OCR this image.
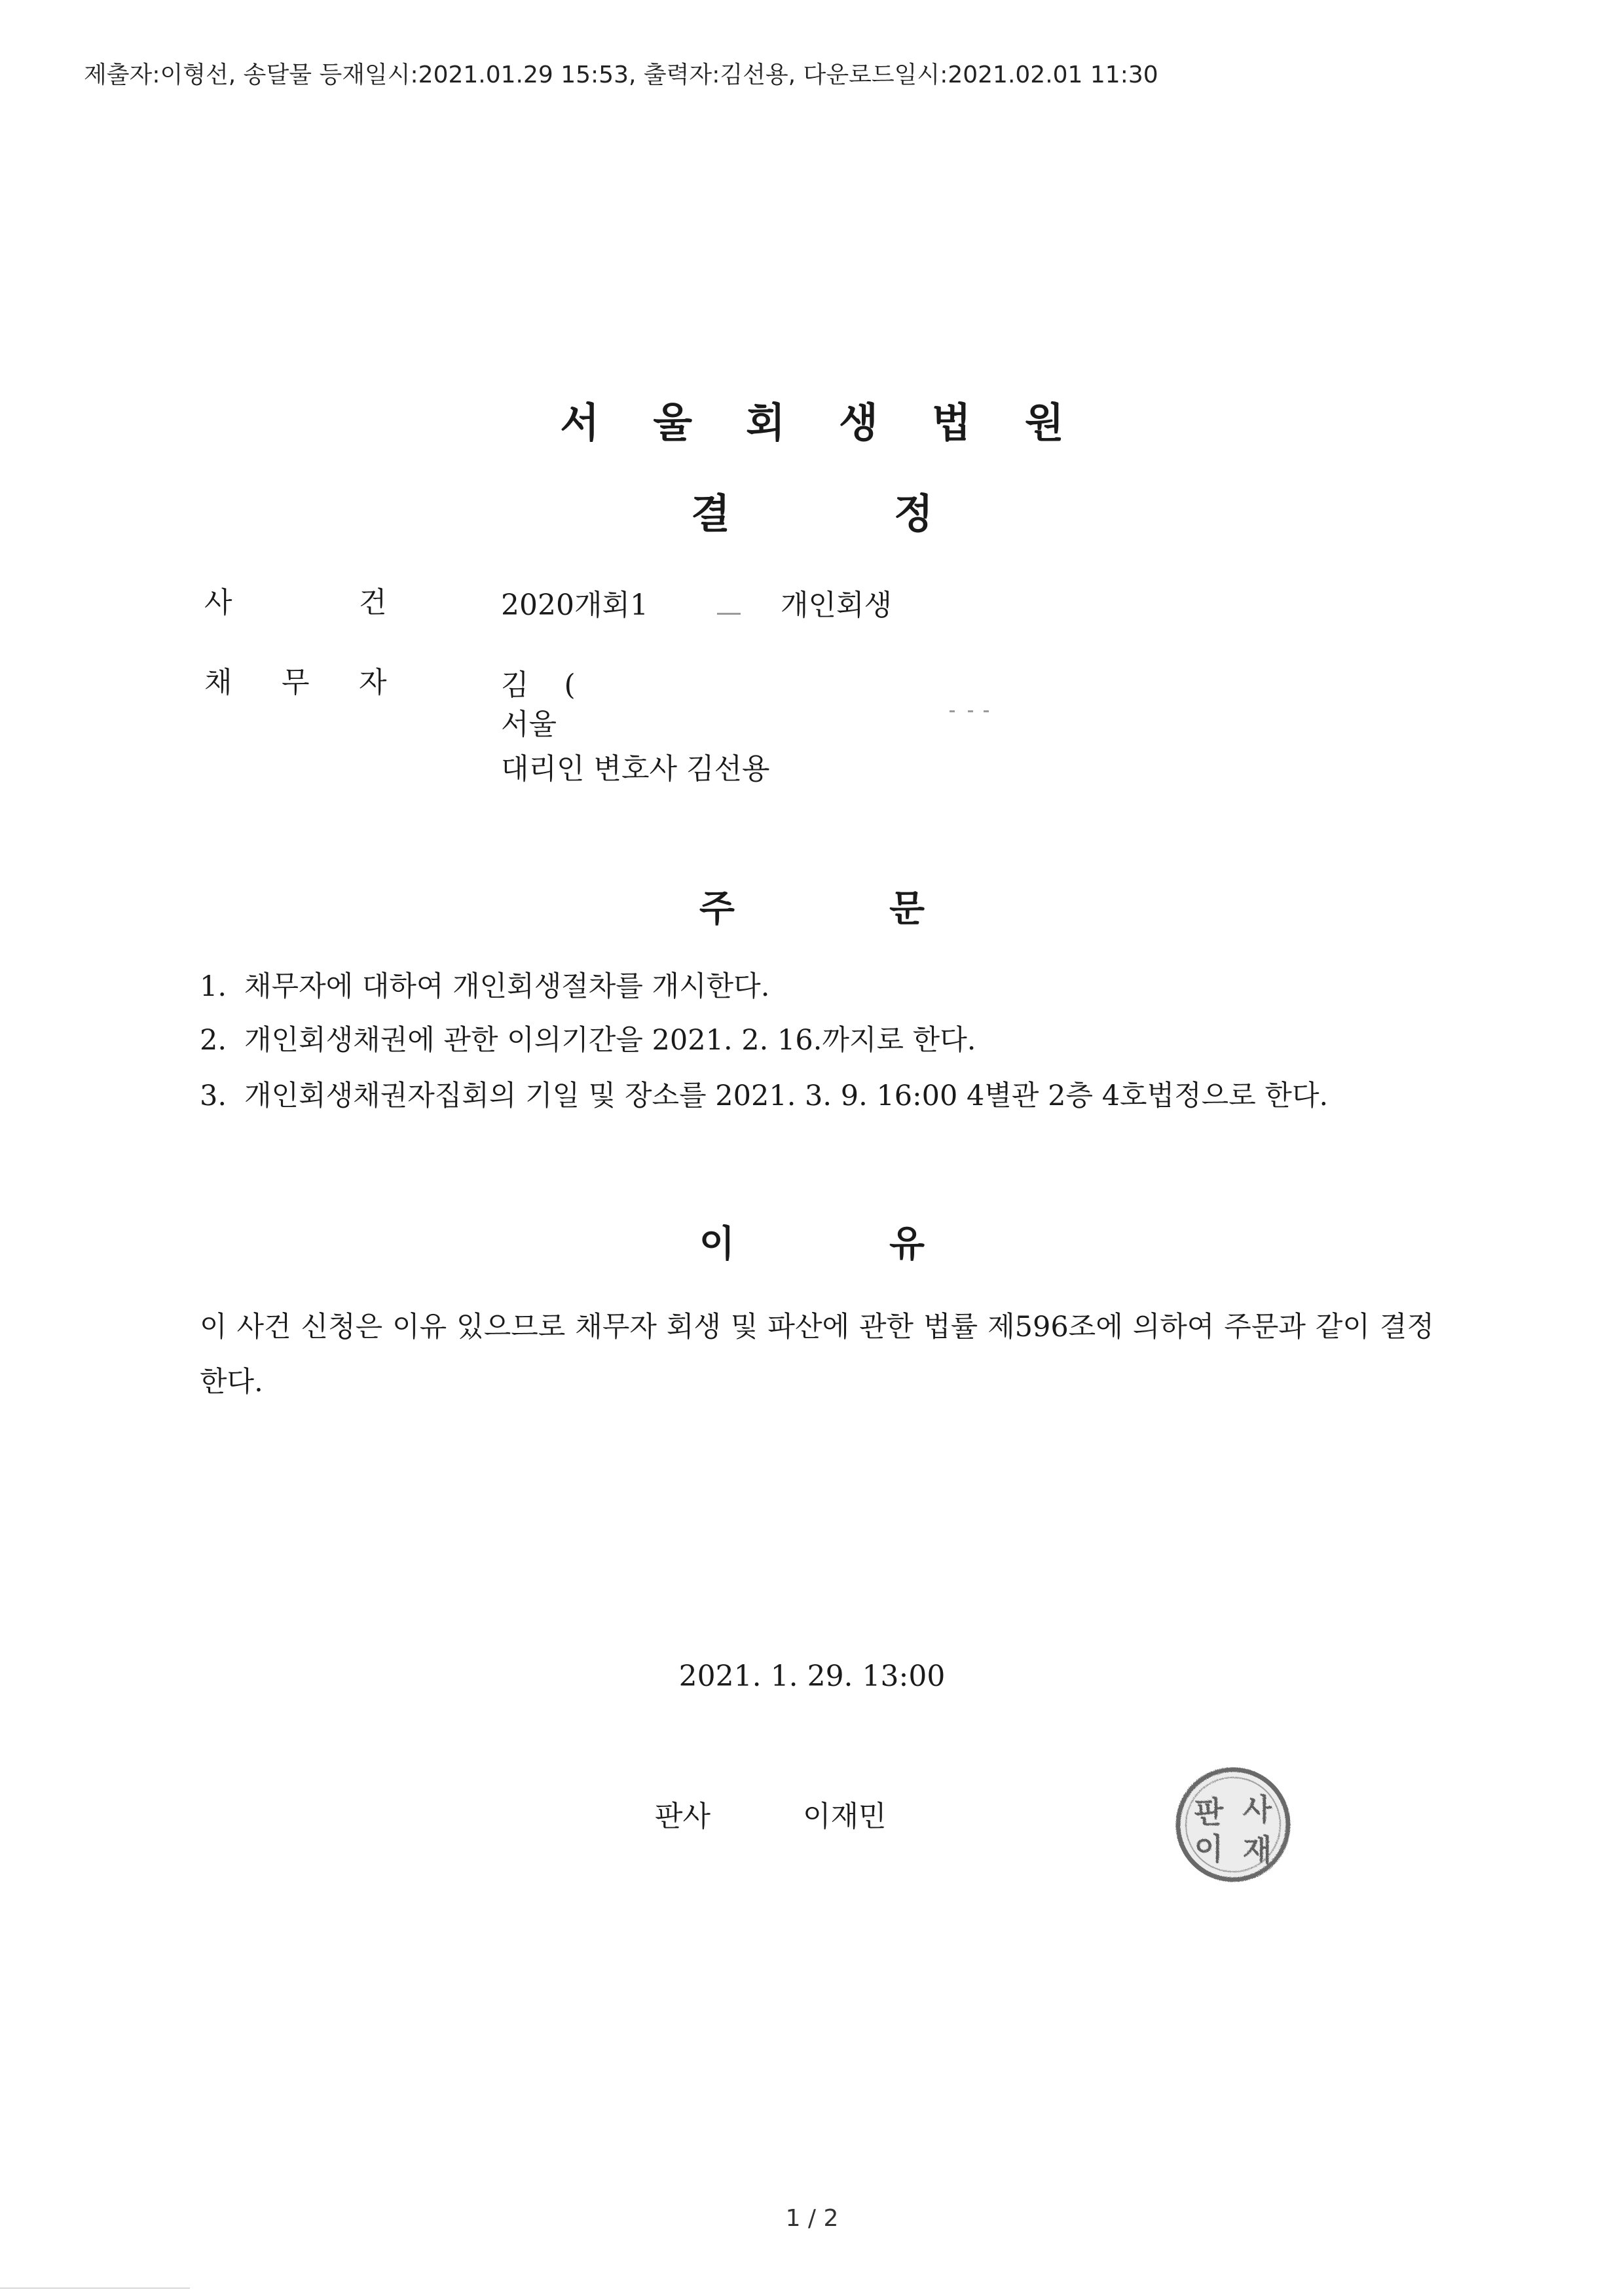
제출자:이형선, 송달물 등재일시:2021.01.29 15:53, 출력자:김선용, 다운로드일시:2021.02.01 11:30
서 울 회 생 법 원
결	정
사	건	2020개회1	개인회생
채 무 자	김 (
서울
대리인 변호사 김선용
주	문
1. 채무자에 대하여 개인회생절차를 개시한다.
2. 개인회생채권에 관한 이의기간을 2021. 2. 16.까지로 한다.
3. 개인회생채권자집회의 기일 및 장소를 2021. 3. 9. 16:00 4별관 2층 4호법정으로 한다.
이	유
이 사건 신청은 이유 있으므로 채무자 회생 및 파산에 관한 법률 제596조에 의하여 주문과 같이 결정한다.
2021. 1. 29. 13:00
판사	이재민	판 사
이 재
1 / 2
